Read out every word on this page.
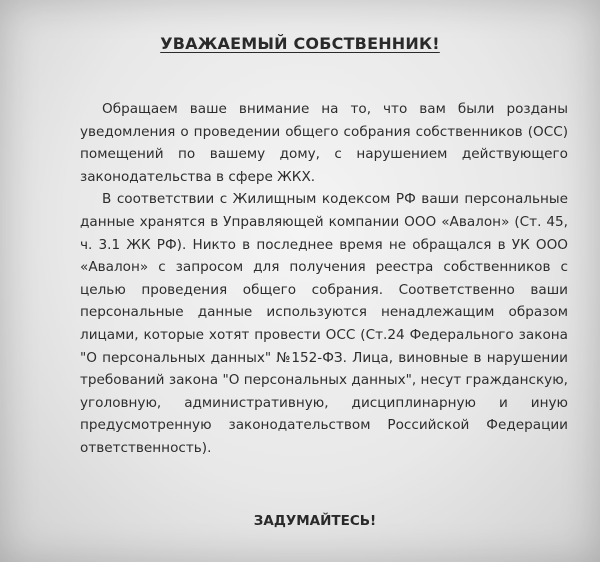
УВАЖАЕМЫЙ СОБСТВЕННИК!

Обращаем ваше внимание на то, что вам были розданы уведомления о проведении общего собрания собственников (ОСС) помещений по вашему дому, с нарушением действующего законодательства в сфере ЖКХ.

В соответствии с Жилищным кодексом РФ ваши персональные данные хранятся в Управляющей компании ООО «Авалон» (Ст. 45, ч. 3.1 ЖК РФ). Никто в последнее время не обращался в УК ООО «Авалон» с запросом для получения реестра собственников с целью проведения общего собрания. Соответственно ваши персональные данные используются ненадлежащим образом лицами, которые хотят провести ОСС (Ст.24 Федерального закона "О персональных данных" №152-ФЗ. Лица, виновные в нарушении требований закона "О персональных данных", несут гражданскую, уголовную, административную, дисциплинарную и иную предусмотренную законодательством Российской Федерации ответственность).

ЗАДУМАЙТЕСЬ!
